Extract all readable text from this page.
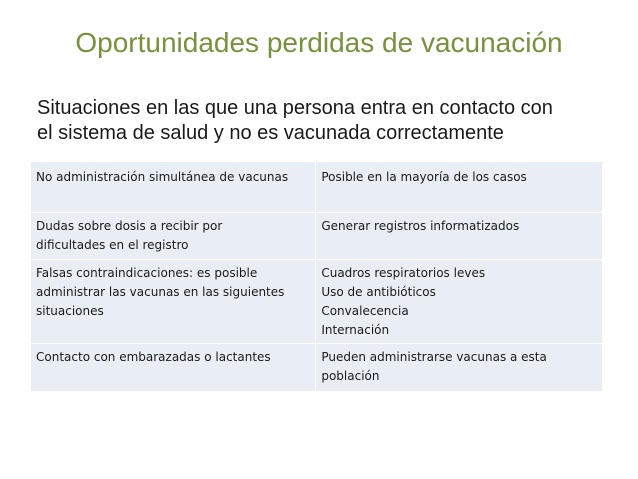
Oportunidades perdidas de vacunación
Situaciones en las que una persona entra en contacto con
el sistema de salud y no es vacunada correctamente
No administración simultánea de vacunas	Posible en la mayoría de los casos

Dudas sobre dosis a recibir por
dificultades en el registro	Generar registros informatizados

Falsas contraindicaciones: es posible
administrar las vacunas en las siguientes
situaciones	Cuadros respiratorios leves
Uso de antibióticos
Convalecencia
Internación

Contacto con embarazadas o lactantes	Pueden administrarse vacunas a esta
población
